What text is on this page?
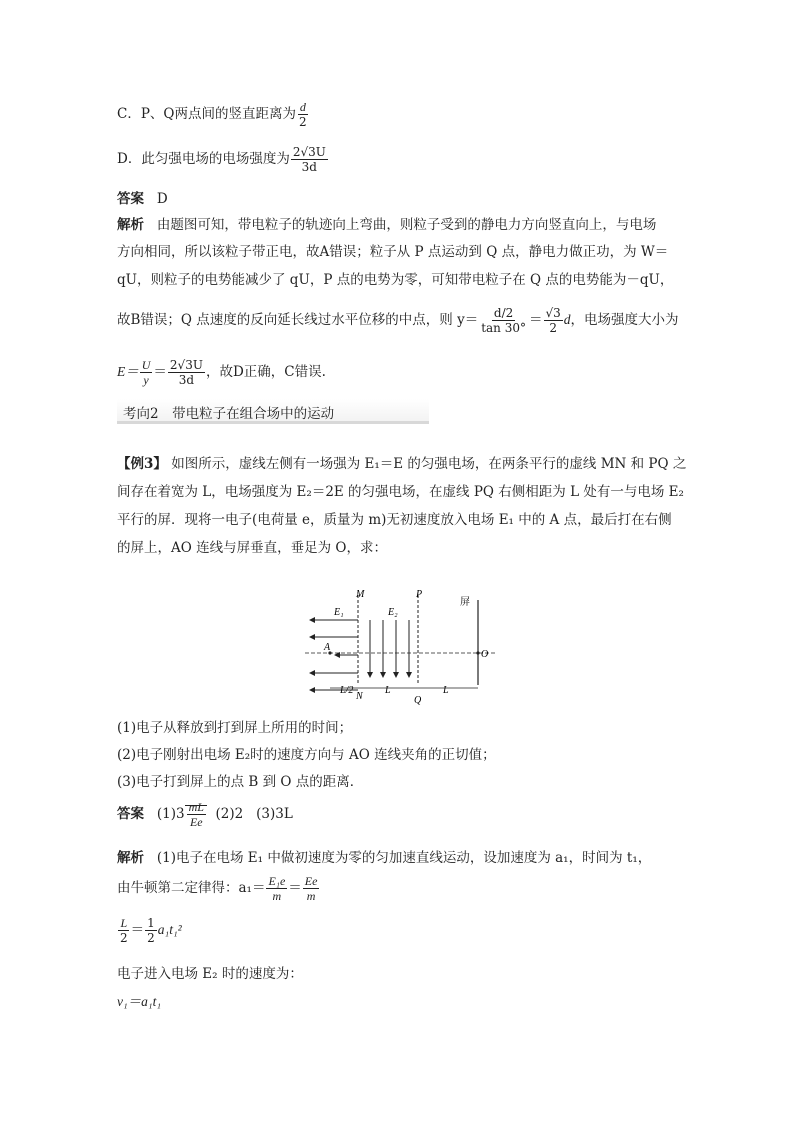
C．P、Q两点间的竖直距离为 $\frac{d}{2}$
D．此匀强电场的电场强度为 $\frac{2√3U}{3d}$
答案 D
解析 由题图可知，带电粒子的轨迹向上弯曲，则粒子受到的静电力方向竖直向上，与电场
方向相同，所以该粒子带正电，故A错误；粒子从 P 点运动到 Q 点，静电力做正功，为 W＝
qU，则粒子的电势能减少了 qU，P 点的电势为零，可知带电粒子在 Q 点的电势能为－qU，
故B错误；Q 点速度的反向延长线过水平位移的中点，则 $y= \frac{d/2}{\tan 30^\circ} = \frac{√3}{2}$ d，电场强度大小为
$E= \frac{U}{y} = \frac{2√3U}{3d}$ ，故D正确，C错误.
考向2　带电粒子在组合场中的运动
【例3】 如图所示，虚线左侧有一场强为 E₁＝E 的匀强电场，在两条平行的虚线 MN 和 PQ 之
间存在着宽为 L，电场强度为 E₂＝2E 的匀强电场，在虚线 PQ 右侧相距为 L 处有一与电场 E₂
平行的屏．现将一电子(电荷量 e，质量为 m)无初速度放入电场 E₁ 中的 A 点，最后打在右侧
的屏上，AO 连线与屏垂直，垂足为 O，求：
M	P
屏
E₁	E₂
A
O
N	Q
L/2	L	L
(1)电子从释放到打到屏上所用的时间；
(2)电子刚射出电场 E₂时的速度方向与 AO 连线夹角的正切值；
(3)电子打到屏上的点 B 到 O 点的距离．
答案 $(1)3 \frac{mL}{Ee} (2)2$ (3)3L
解析 (1)电子在电场 E₁ 中做初速度为零的匀加速直线运动，设加速度为 a₁，时间为 t₁，
由牛顿第二定律得：$a_1= \frac{\text{E₁e}}{m} = \frac{Ee}{m}$
$\frac{L}{2} = \frac{1}{2} a_1t_1^2$
电子进入电场 E₂ 时的速度为：
v₁＝a₁t₁
